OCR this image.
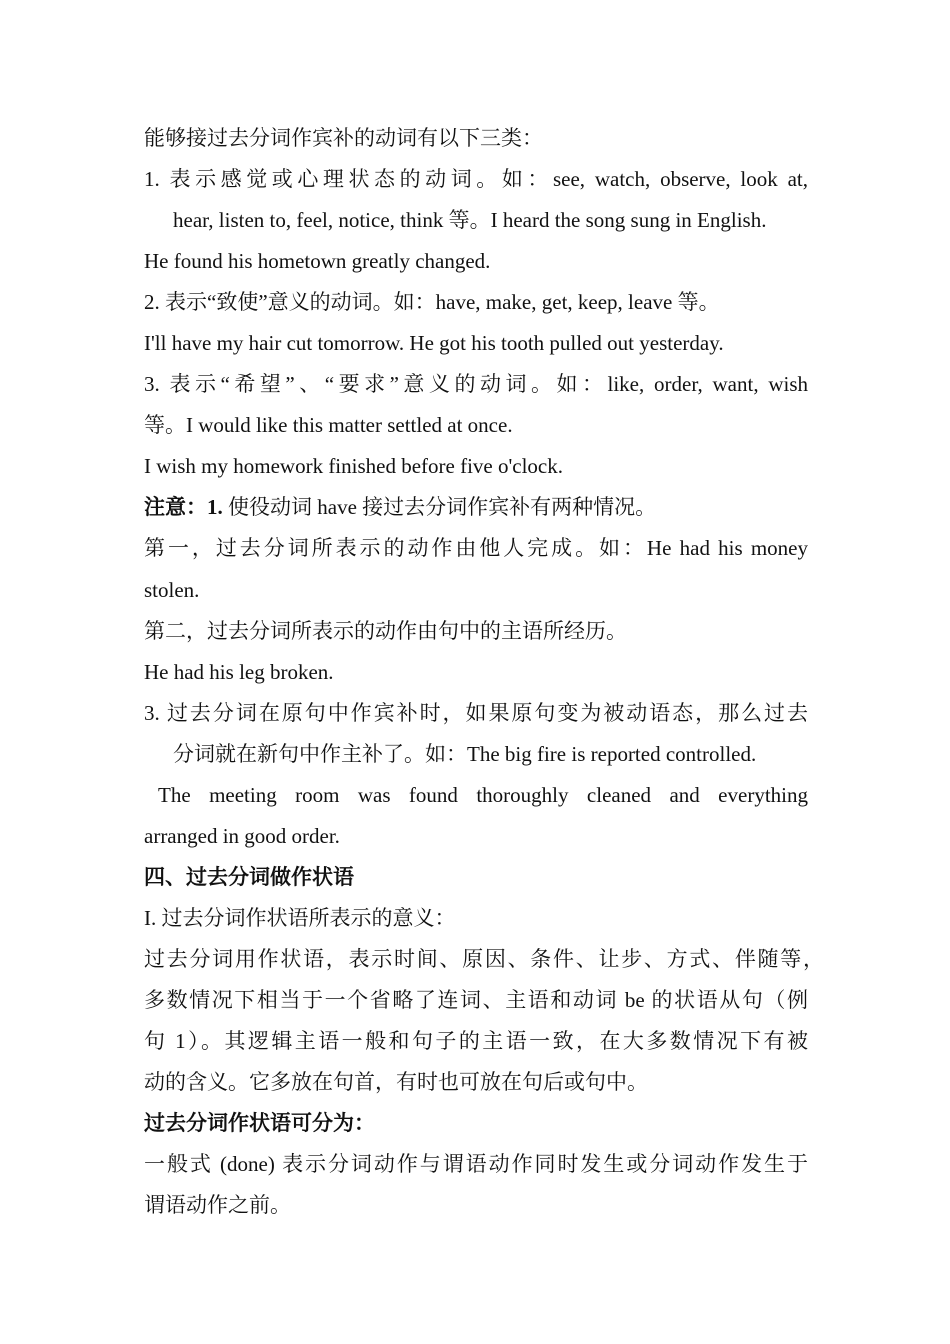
能够接过去分词作宾补的动词有以下三类：
1. 表示感觉或心理状态的动词。如：see, watch, observe, look at,
hear, listen to, feel, notice, think 等。I heard the song sung in English.
He found his hometown greatly changed.
2. 表示“致使”意义的动词。如：have, make, get, keep, leave 等。
I'll have my hair cut tomorrow. He got his tooth pulled out yesterday.
3. 表示“希望”、“要求”意义的动词。如：like, order, want, wish
等。I would like this matter settled at once.
I wish my homework finished before five o'clock.
注意：1. 使役动词 have 接过去分词作宾补有两种情况。
第一，过去分词所表示的动作由他人完成。如：He had his money
stolen.
第二，过去分词所表示的动作由句中的主语所经历。
He had his leg broken.
3. 过去分词在原句中作宾补时，如果原句变为被动语态，那么过去
分词就在新句中作主补了。如：The big fire is reported controlled.
The meeting room was found thoroughly cleaned and everything
arranged in good order.
四、过去分词做作状语
I. 过去分词作状语所表示的意义：
过去分词用作状语，表示时间、原因、条件、让步、方式、伴随等，
多数情况下相当于一个省略了连词、主语和动词 be 的状语从句（例
句 1）。其逻辑主语一般和句子的主语一致，在大多数情况下有被
动的含义。它多放在句首，有时也可放在句后或句中。
过去分词作状语可分为：
一般式 (done) 表示分词动作与谓语动作同时发生或分词动作发生于
谓语动作之前。
